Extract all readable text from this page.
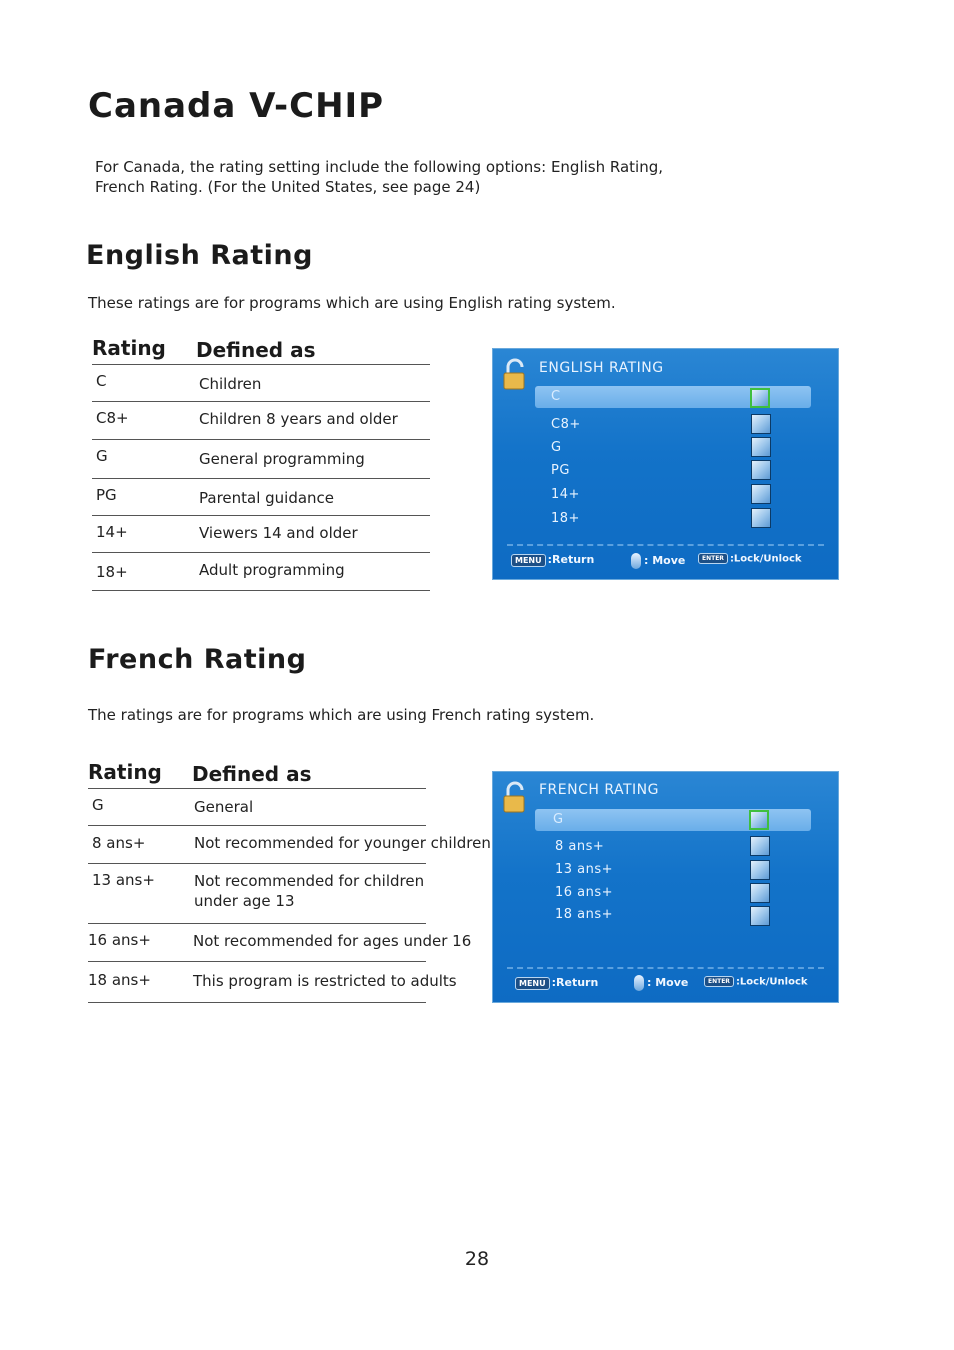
Canada V-CHIP
For Canada, the rating setting include the following options: English Rating,
French Rating. (For the United States, see page 24)
English Rating

These ratings are for programs which are using English rating system.

Rating Defined as
C	Children
C8+	Children 8 years and older
G	General programming
PG	Parental guidance
14+	Viewers 14 and older
18+	Adult programming
ENGLISH RATING
C
C8+
G
PG
14+
18+
MENU :Return	: Move	ENTER :Lock/Unlock
French Rating

The ratings are for programs which are using French rating system.

Rating Defined as
G	General
8 ans+	Not recommended for younger children
13 ans+	Not recommended for children
under age 13
16 ans+	Not recommended for ages under 16
18 ans+	This program is restricted to adults
FRENCH RATING
G
8 ans+
13 ans+
16 ans+
18 ans+
MENU :Return	: Move	ENTER :Lock/Unlock
28
